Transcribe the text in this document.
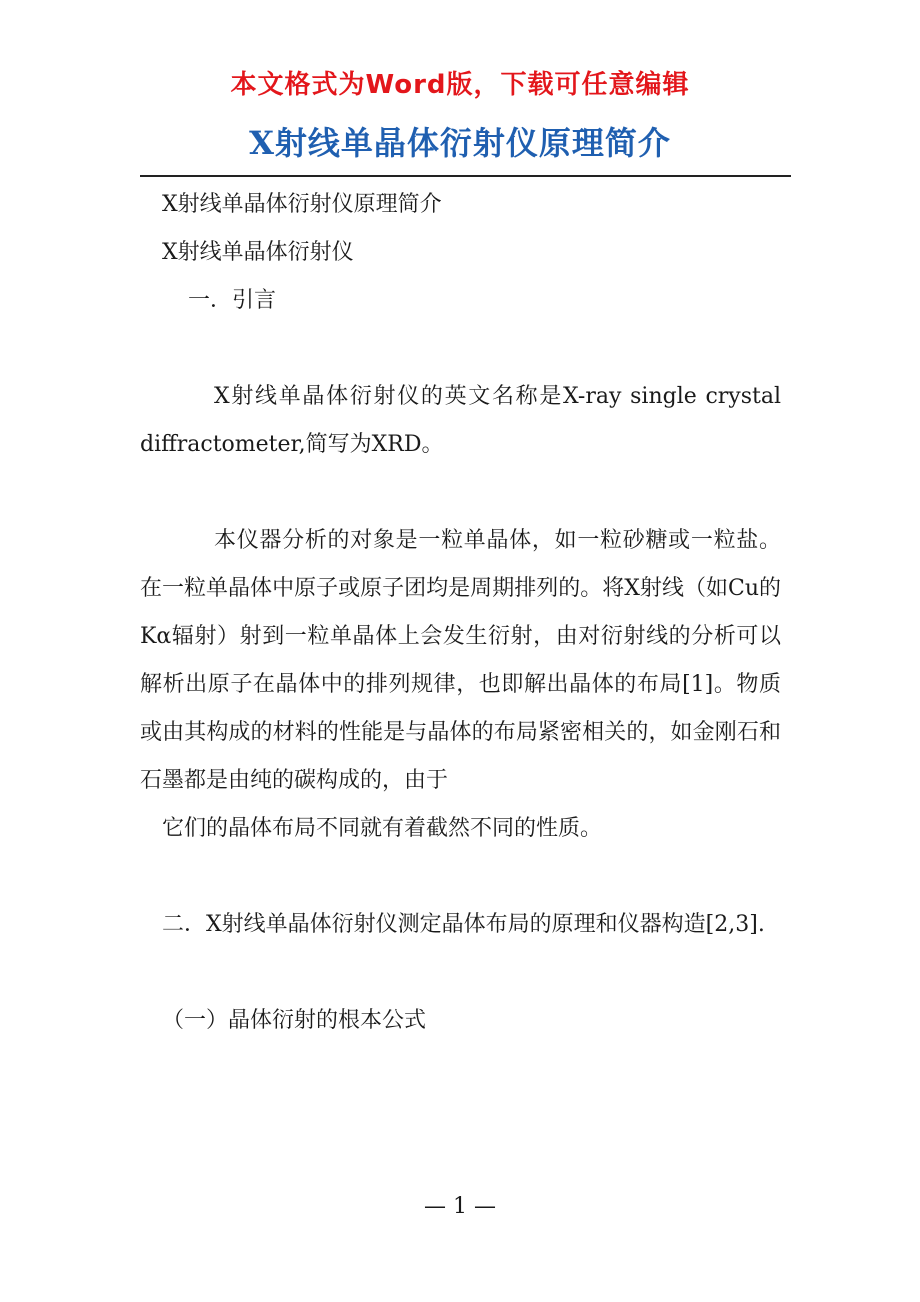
本文格式为Word版，下载可任意编辑
X射线单晶体衍射仪原理简介

X射线单晶体衍射仪原理简介

X射线单晶体衍射仪

一．引言

X射线单晶体衍射仪的英文名称是X-ray single crystal diffractometer,简写为XRD。

本仪器分析的对象是一粒单晶体，如一粒砂糖或一粒盐。在一粒单晶体中原子或原子团均是周期排列的。将X射线（如Cu的Kα辐射）射到一粒单晶体上会发生衍射，由对衍射线的分析可以解析出原子在晶体中的排列规律，也即解出晶体的布局[1]。物质或由其构成的材料的性能是与晶体的布局紧密相关的，如金刚石和石墨都是由纯的碳构成的，由于

它们的晶体布局不同就有着截然不同的性质。

二．X射线单晶体衍射仪测定晶体布局的原理和仪器构造[2,3].

（一）晶体衍射的根本公式

— 1 —
